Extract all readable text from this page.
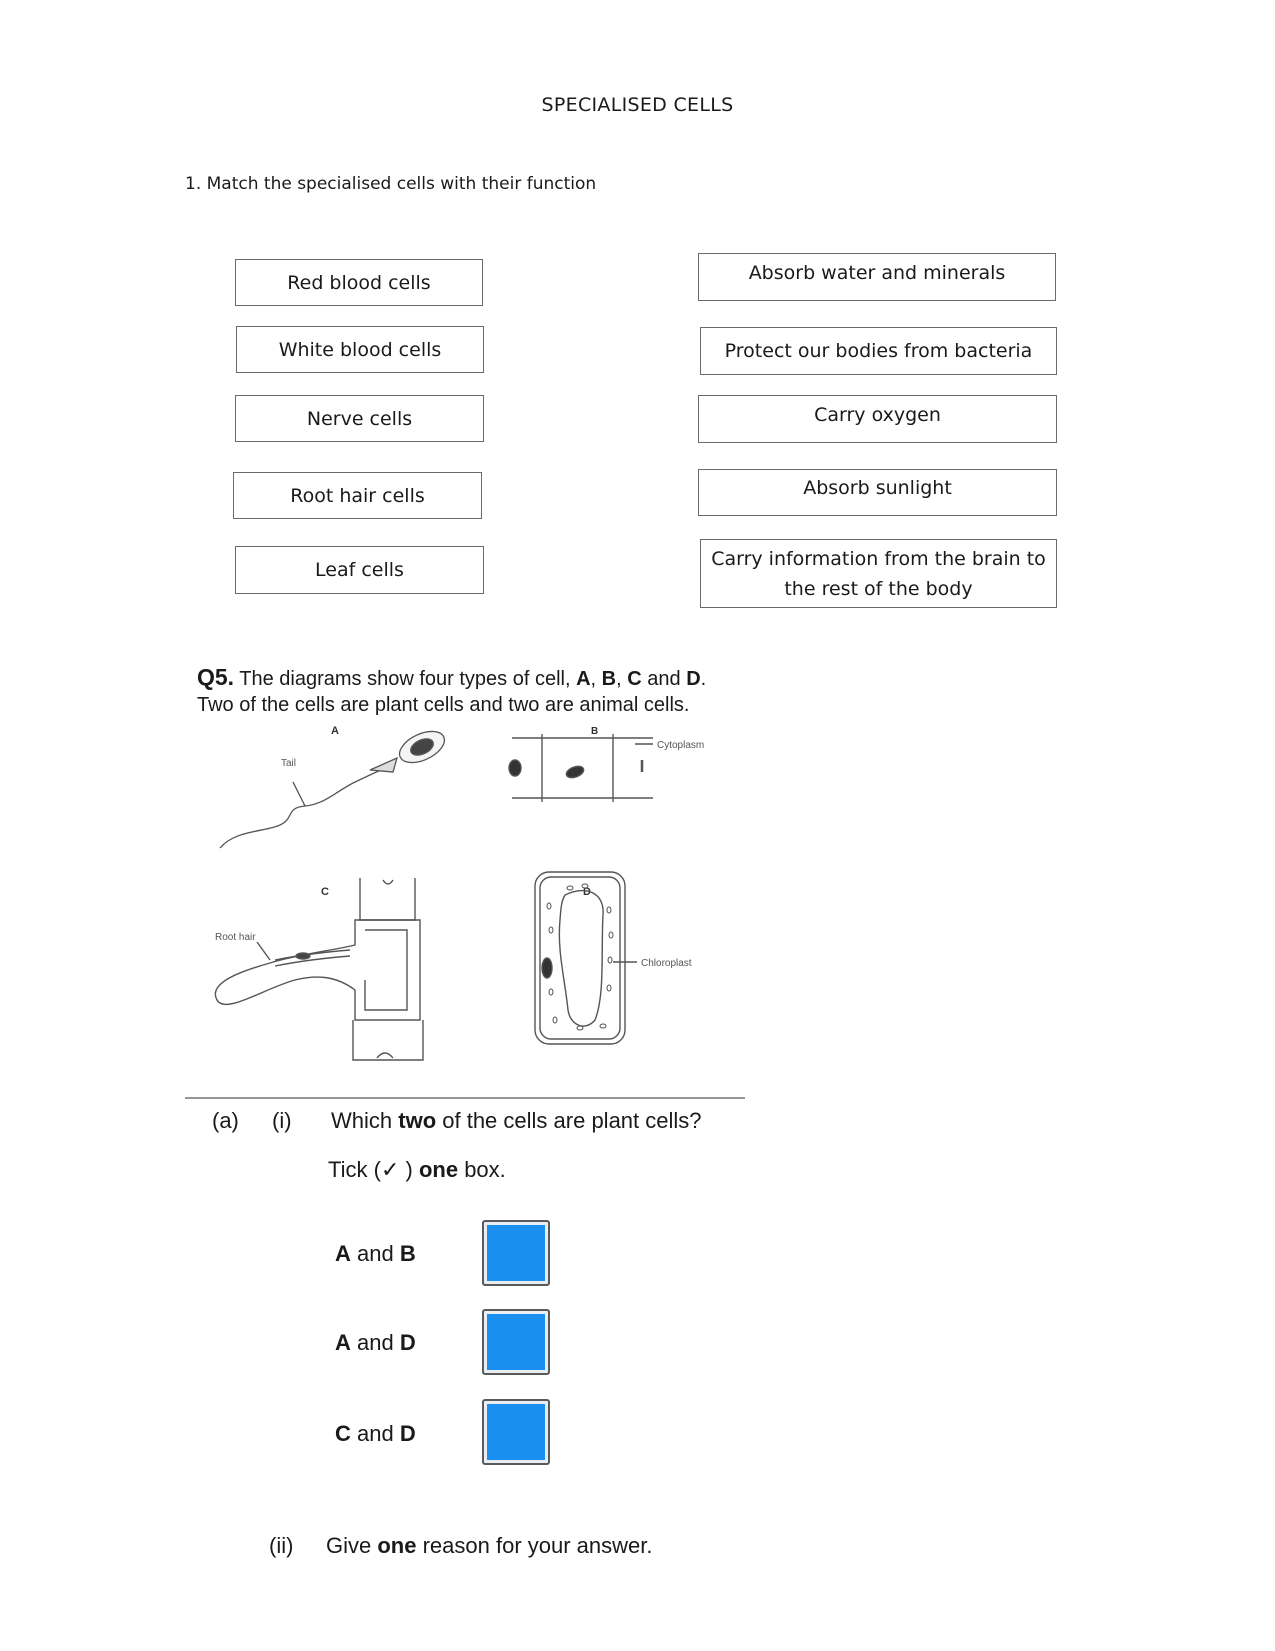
SPECIALISED CELLS
1. Match the specialised cells with their function
Red blood cells
White blood cells
Nerve cells
Root hair cells
Leaf cells
Absorb water and minerals
Protect our bodies from bacteria
Carry oxygen
Absorb sunlight
Carry information from the brain to the rest of the body
Q5. The diagrams show four types of cell, A, B, C and D.
Two of the cells are plant cells and two are animal cells.
A	B
C	D
Tail
Cytoplasm
Root hair
Chloroplast
(a) (i) Which two of the cells are plant cells?
Tick (✓ ) one box.
A and B
A and D
C and D
(ii) Give one reason for your answer.
